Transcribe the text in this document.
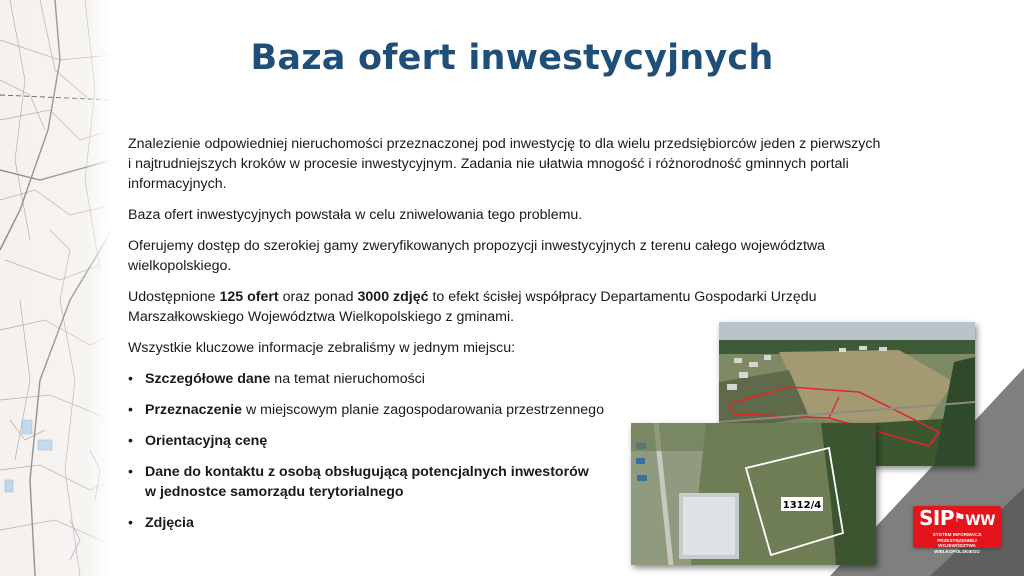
Baza ofert inwestycyjnych

Znalezienie odpowiedniej nieruchomości przeznaczonej pod inwestycję to dla wielu przedsiębiorców jeden z pierwszych
i najtrudniejszych kroków w procesie inwestycyjnym. Zadania nie ułatwia mnogość i różnorodność gminnych portali
informacyjnych.

Baza ofert inwestycyjnych powstała w celu zniwelowania tego problemu.

Oferujemy dostęp do szerokiej gamy zweryfikowanych propozycji inwestycyjnych z terenu całego województwa
wielkopolskiego.

Udostępnione 125 ofert oraz ponad 3000 zdjęć to efekt ścisłej współpracy Departamentu Gospodarki Urzędu
Marszałkowskiego Województwa Wielkopolskiego z gminami.

Wszystkie kluczowe informacje zebraliśmy w jednym miejscu:

• Szczegółowe dane na temat nieruchomości
• Przeznaczenie w miejscowym planie zagospodarowania przestrzennego
• Orientacyjną cenę
• Dane do kontaktu z osobą obsługującą potencjalnych inwestorów
w jednostce samorządu terytorialnego
• Zdjęcia
1312/4
SIP⚑WW
SYSTEM INFORMACJI PRZESTRZENNEJ
WOJEWÓDZTWA WIELKOPOLSKIEGO
